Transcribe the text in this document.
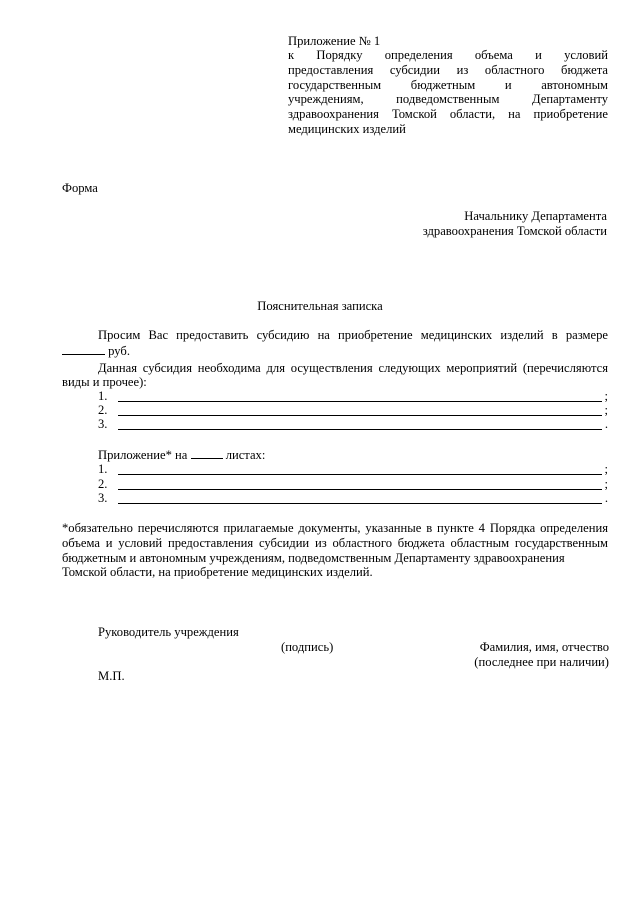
Приложение № 1
к Порядку определения объема и условий
предоставления субсидии из областного бюджета
государственным бюджетным и автономным
учреждениям, подведомственным Департаменту
здравоохранения Томской области, на приобретение
медицинских изделий
Форма
Начальнику Департамента
здравоохранения Томской области
Пояснительная записка
Просим Вас предоставить субсидию на приобретение медицинских изделий в размере
руб.
Данная субсидия необходима для осуществления следующих мероприятий (перечисляются
виды и прочее):
1.	;
2.	;
3.	.
Приложение* на	листах:
1.	;
2.	;
3.	.
*обязательно перечисляются прилагаемые документы, указанные в пункте 4 Порядка определения
объема и условий предоставления субсидии из областного бюджета областным государственным
бюджетным и автономным учреждениям, подведомственным Департаменту здравоохранения
Томской области, на приобретение медицинских изделий.
Руководитель учреждения
(подпись)	Фамилия, имя, отчество
(последнее при наличии)
М.П.
